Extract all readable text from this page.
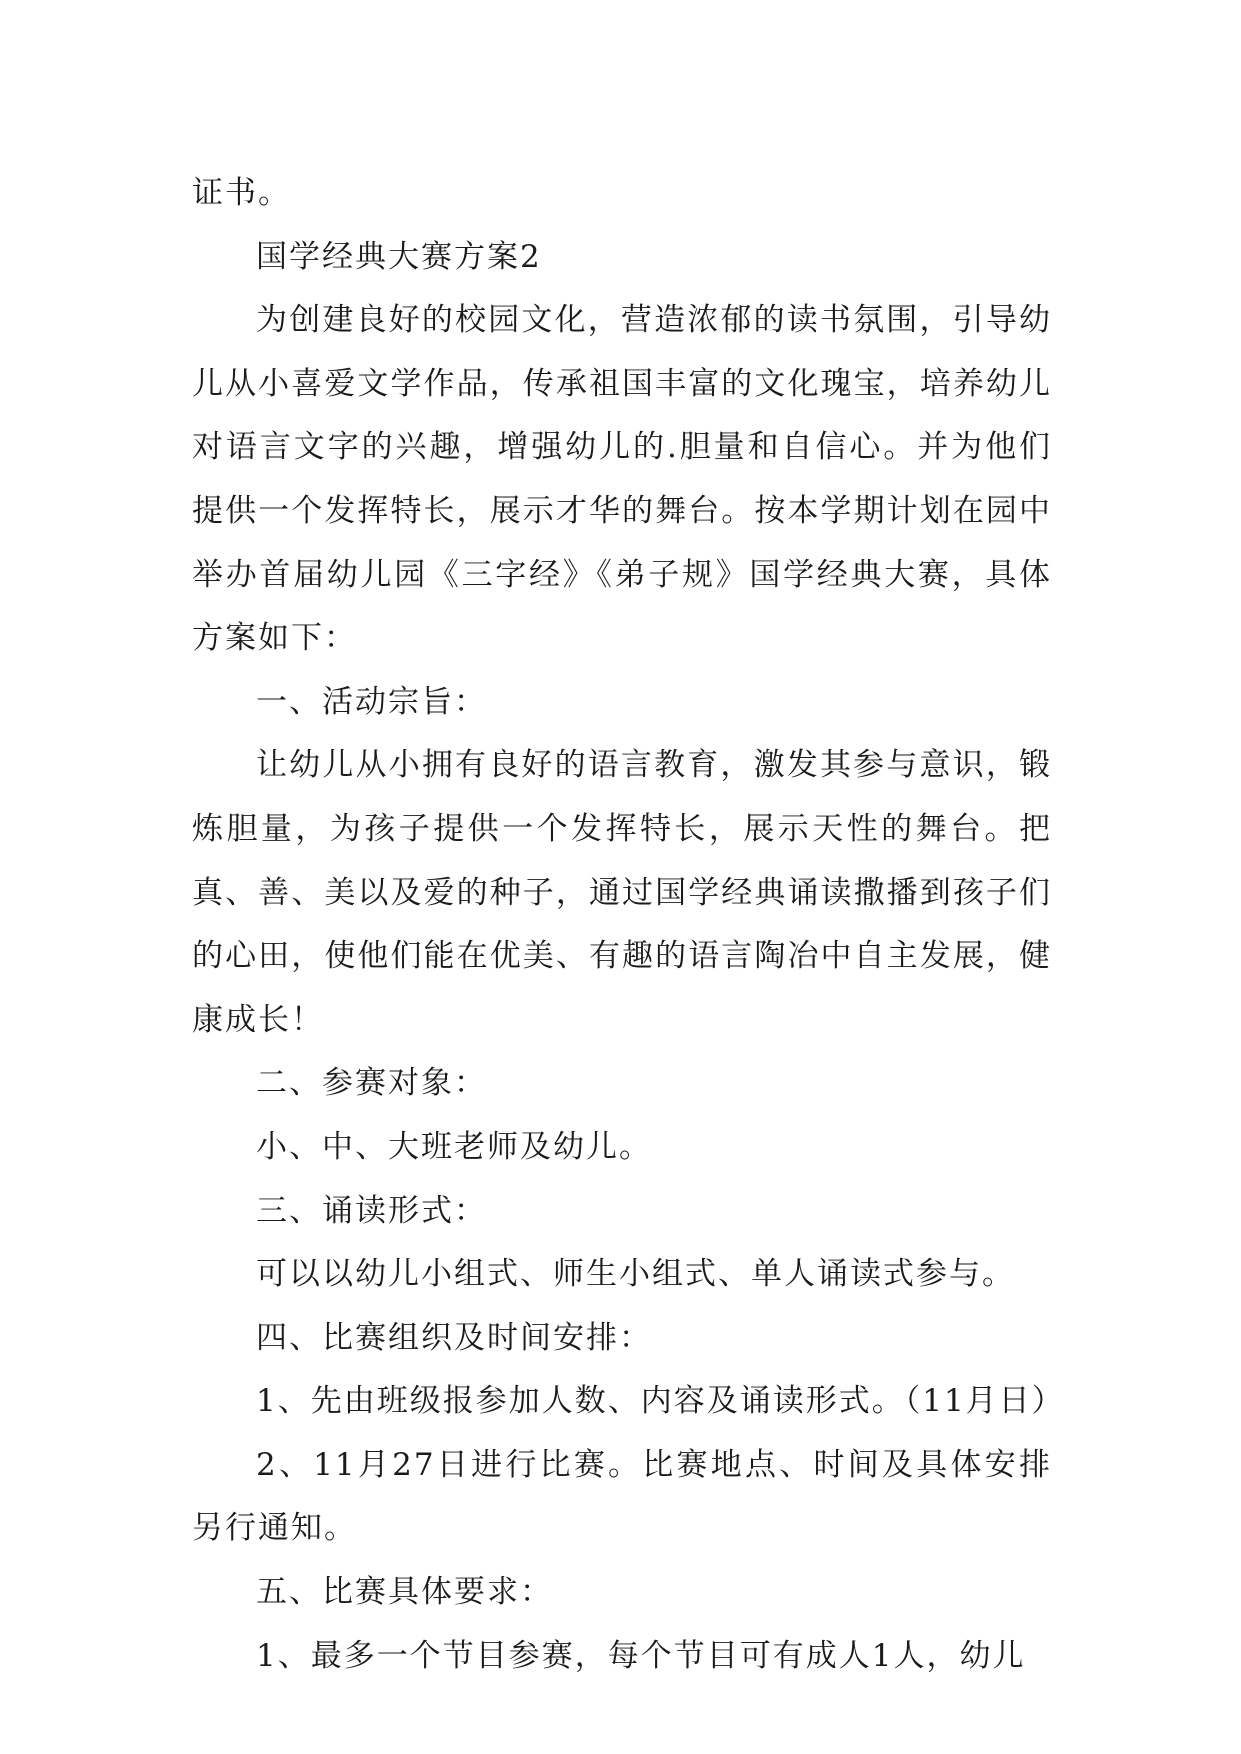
证书。

国学经典大赛方案2

为创建良好的校园文化，营造浓郁的读书氛围，引导幼儿从小喜爱文学作品，传承祖国丰富的文化瑰宝，培养幼儿对语言文字的兴趣，增强幼儿的.胆量和自信心。并为他们提供一个发挥特长，展示才华的舞台。按本学期计划在园中举办首届幼儿园《三字经》《弟子规》国学经典大赛，具体方案如下：

一、活动宗旨：

让幼儿从小拥有良好的语言教育，激发其参与意识，锻炼胆量，为孩子提供一个发挥特长，展示天性的舞台。把真、善、美以及爱的种子，通过国学经典诵读撒播到孩子们的心田，使他们能在优美、有趣的语言陶冶中自主发展，健康成长！

二、参赛对象：

小、中、大班老师及幼儿。

三、诵读形式：

可以以幼儿小组式、师生小组式、单人诵读式参与。

四、比赛组织及时间安排：

1、先由班级报参加人数、内容及诵读形式。（11月日）

2、11月27日进行比赛。比赛地点、时间及具体安排另行通知。

五、比赛具体要求：

1、最多一个节目参赛，每个节目可有成人1人，幼儿
